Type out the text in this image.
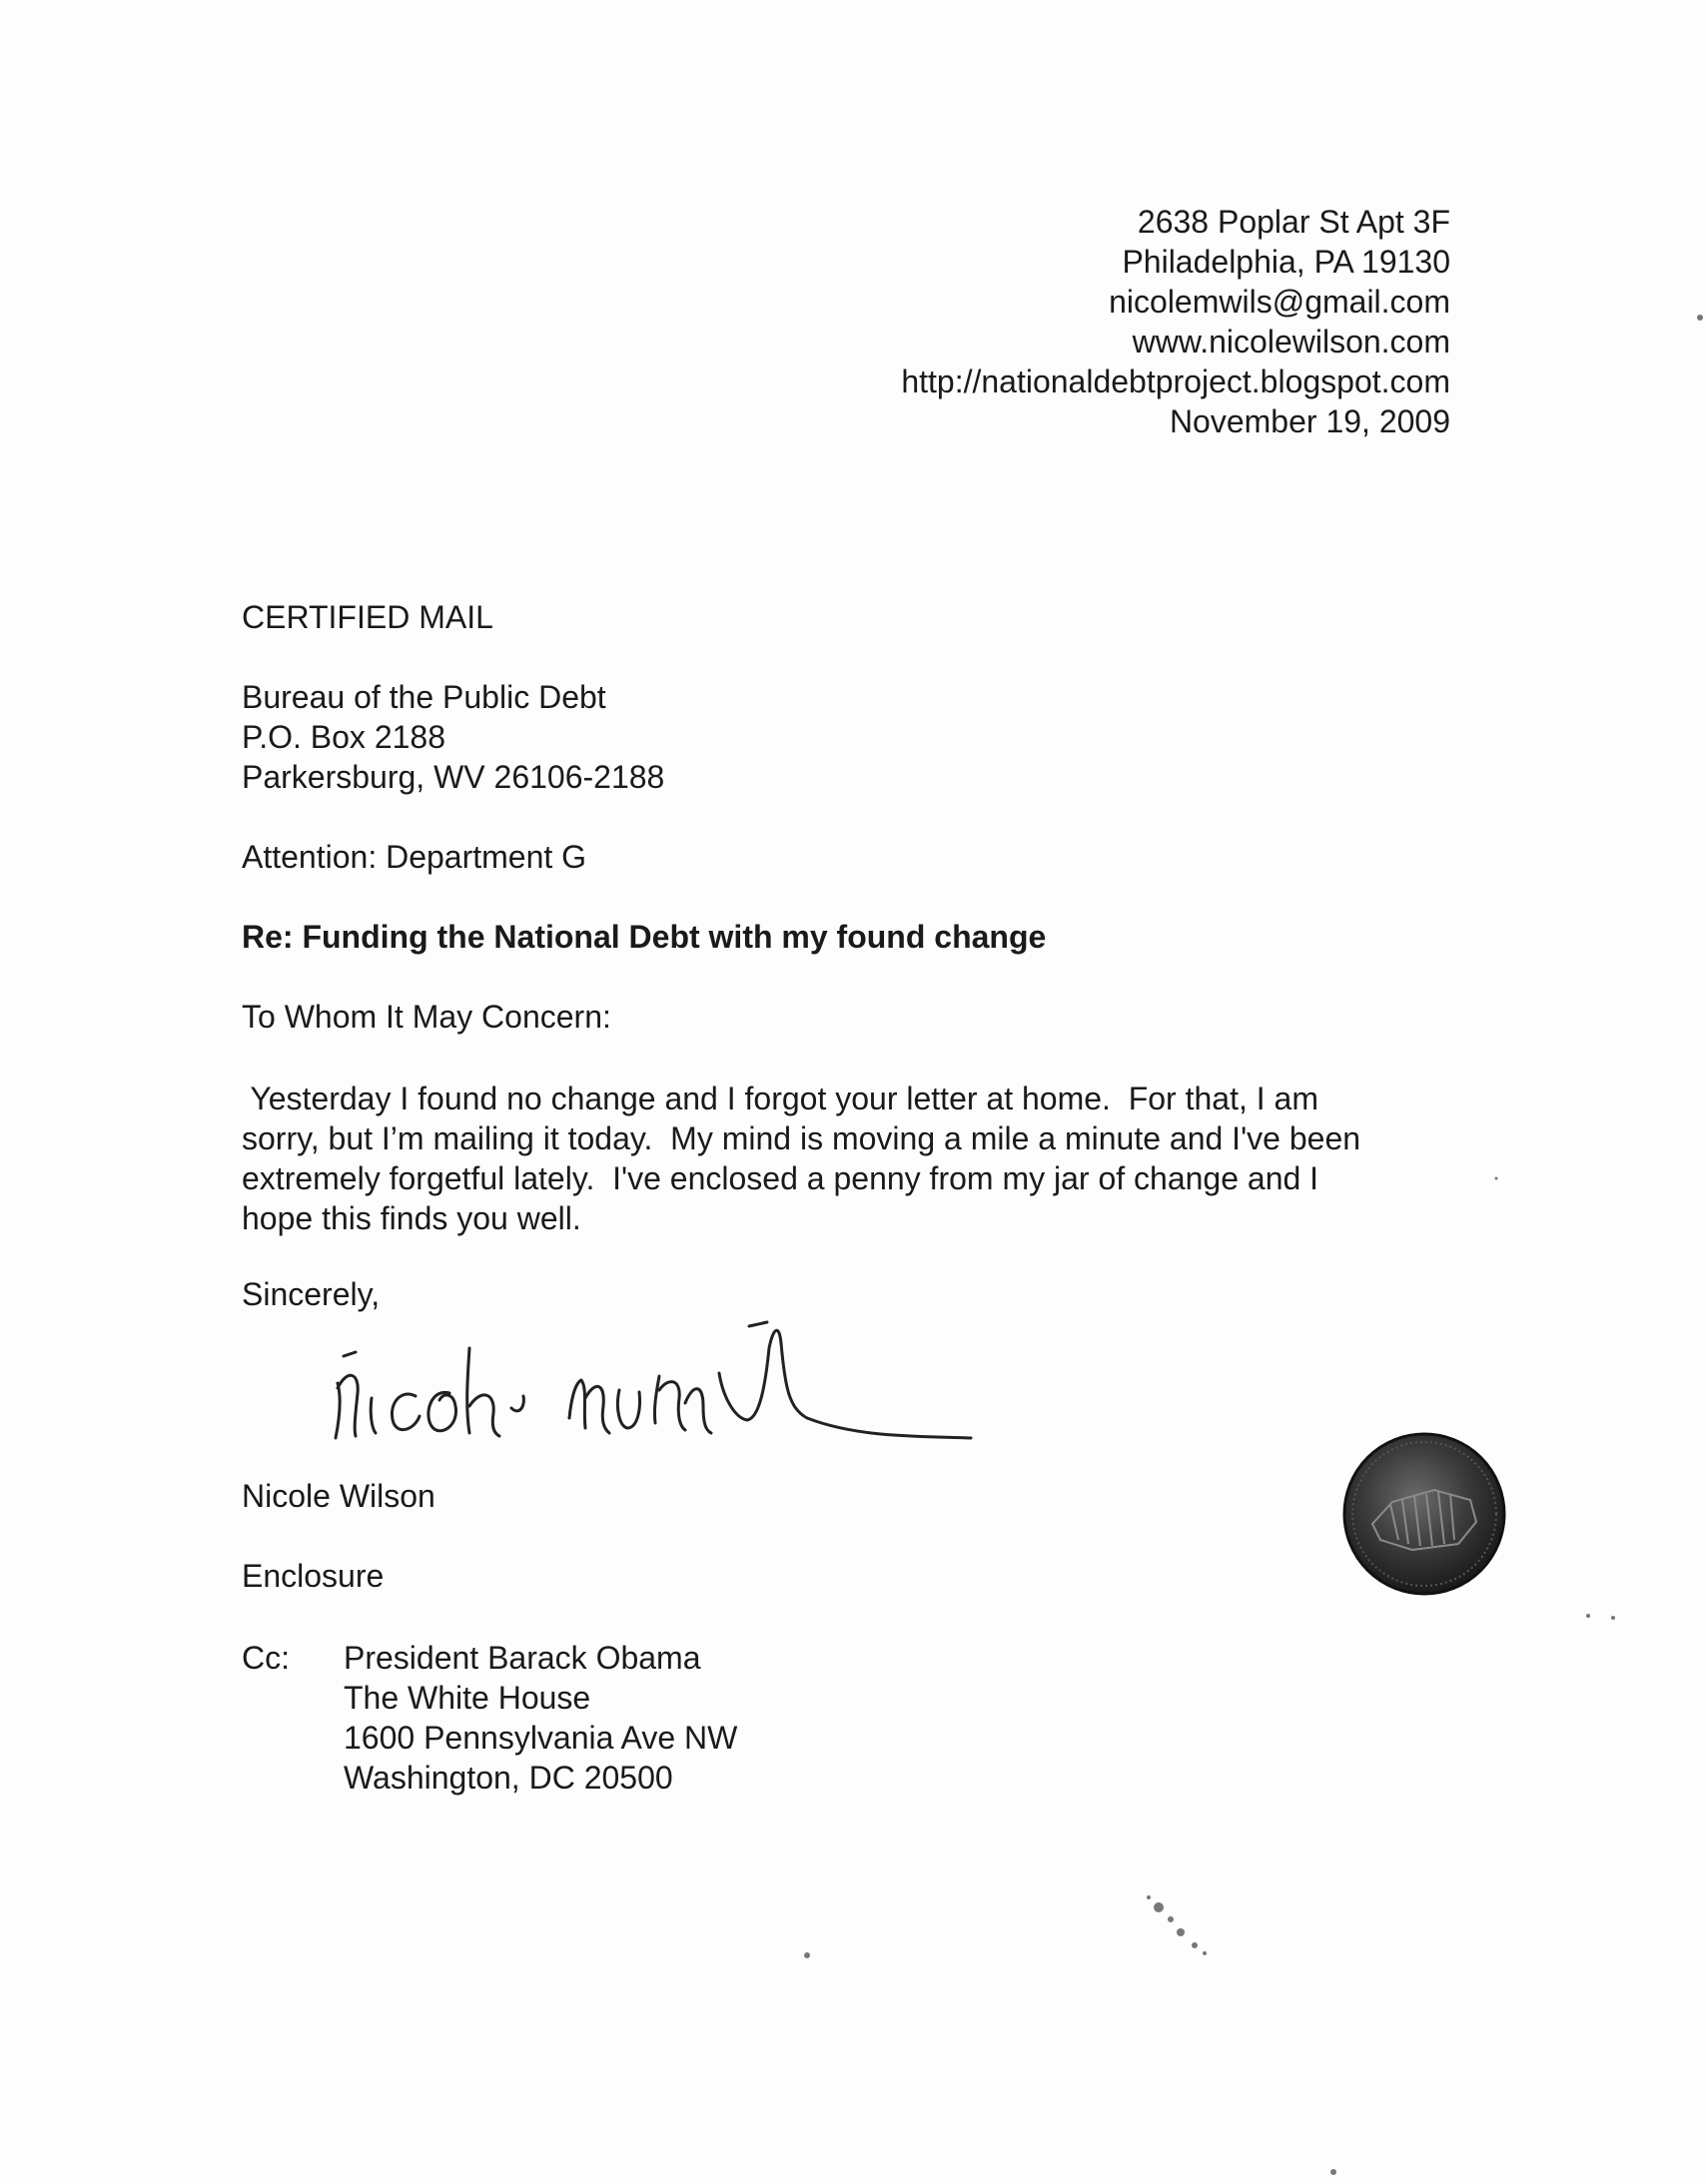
2638 Poplar St Apt 3F
Philadelphia, PA 19130
nicolemwils@gmail.com
www.nicolewilson.com
http://nationaldebtproject.blogspot.com
November 19, 2009
CERTIFIED MAIL
Bureau of the Public Debt
P.O. Box 2188
Parkersburg, WV 26106-2188
Attention: Department G
Re: Funding the National Debt with my found change
To Whom It May Concern:
Yesterday I found no change and I forgot your letter at home.  For that, I am
sorry, but I’m mailing it today.  My mind is moving a mile a minute and I've been
extremely forgetful lately.  I've enclosed a penny from my jar of change and I
hope this finds you well.
Sincerely,
Nicole Wilson
Enclosure
Cc:	President Barack Obama
The White House
1600 Pennsylvania Ave NW
Washington, DC 20500
